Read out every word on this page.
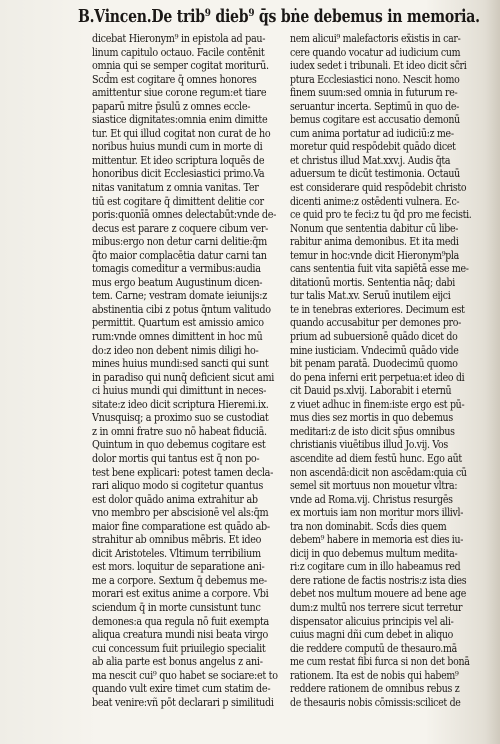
B.Vincen.De trib⁹ dieb⁹ q̄s bṅe debemus in memoria.
dicebat Hieronym⁹ in epistola ad pau-
linum capitulo octauo. Facile contēnit
omnia qui se semper cogitat moriturū.
Scd̄m est cogitare q̄ omnes honores
amittentur siue corone regum:et tiare
paparū mitre p̄sulū z omnes eccle-
siastice dignitates:omnia enim dimitte
tur. Et qui illud cogitat non curat de ho
noribus huius mundi cum in morte di
mittentur. Et ideo scriptura loquēs de
honoribus dicit Ecclesiastici primo.Va
nitas vanitatum z omnia vanitas. Ter
tiū est cogitare q̄ dimittent delitie cor
poris:quonīā omnes delectabūt:vnde de-
decus est parare z coquere cibum ver-
mibus:ergo non detur carni delitie:q̄m
q̄to maior complacētia datur carni tan
tomagis comeditur a vermibus:audia
mus ergo beatum Augustinum dicen-
tem. Carne; vestram domate ieiunijs:z
abstinentia cibi z potus q̄ntum valitudo
permittit. Quartum est amissio amico
rum:vnde omnes dimittent in hoc mū
do:z ideo non debent nimis diligi ho-
mines huius mundi:sed sancti qui sunt
in paradiso qui nunq̄ deficient sicut ami
ci huius mundi qui dimittunt in neces-
sitate:z ideo dicit scriptura Hieremi.ix.
Vnusquisq; a proximo suo se custodiat
z in omni fratre suo nō habeat fiduciā.
Quintum in quo debemus cogitare est
dolor mortis qui tantus est q̄ non po-
test bene explicari: potest tamen decla-
rari aliquo modo si cogitetur quantus
est dolor quādo anima extrahitur ab
vno membro per abscisionē vel als:q̄m
maior fine comparatione est quādo ab-
strahitur ab omnibus mēbris. Et ideo
dicit Aristoteles. Vltimum terribilium
est mors. loquitur de separatione ani-
me a corpore. Sextum q̄ debemus me-
morari est exitus anime a corpore. Vbi
sciendum q̄ in morte cunsistunt tunc
demones:a qua regula nō fuit exempta
aliqua creatura mundi nisi beata virgo
cui concessum fuit priuilegio specialit
ab alia parte est bonus angelus z ani-
ma nescit cui⁹ quo habet se sociare:et to
quando vult exire timet cum statim de-
beat venire:vñ pōt declarari p similitudi
nem alicui⁹ malefactoris ex̄istis in car-
cere quando vocatur ad iudicium cum
iudex sedet i tribunali. Et ideo dicit sc̄ri
ptura Ecclesiastici nono. Nescit homo
finem suum:sed omnia in futurum re-
seruantur incerta. Septimū in quo de-
bemus cogitare est accusatio demonū
cum anima portatur ad iudiciū:z me-
moretur quid respōdebit quādo dicet
et christus illud Mat.xxv.j. Audis q̄ta
aduersum te dicūt testimonia. Octauū
est considerare quid respōdebit christo
dicenti anime:z ostēdenti vulnera. Ec-
ce quid pro te feci:z tu q̄d pro me fecisti.
Nonum que sententia dabitur cū libe-
rabitur anima demonibus. Et ita medi
temur in hoc:vnde dicit Hieronym⁹pla
cans sententia fuit vita sapiētā esse me-
ditationū mortis. Sententia nāq; dabi
tur talis Mat.xv. Seruū inutilem eijci
te in tenebras exteriores. Decimum est
quando accusabitur per demones pro-
prium ad subuersionē quādo dicet do
mine iusticiam. Vndecimū quādo vide
bit penam paratā. Duodecimū quomo
do pena inferni erit perpetua:et ideo di
cit Dauid ps.xlvij. Laborabit i eternū
z viuet adhuc in finem:iste ergo est pū-
mus dies sez mortis in quo debemus
meditari:z de isto dicit sp̄us omnibus
christianis viuētibus illud Jo.vij. Vos
ascendite ad diem festū hunc. Ego aūt
non ascendā:dicit non ascēdam:quia cū
semel sit mortuus non mouetur vltra:
vnde ad Roma.vij. Christus resurgēs
ex mortuis iam non moritur mors illivl-
tra non dominabit. Scd̄s dies quem
debem⁹ habere in memoria est dies iu-
dicij in quo debemus multum medita-
ri:z cogitare cum in illo habeamus red
dere ratione de factis nostris:z ista dies
debet nos multum mouere ad bene age
dum:z multū nos terrere sicut terretur
dispensator alicuius principis vel ali-
cuius magni dñi cum debet in aliquo
die reddere computū de thesauro.mā
me cum restat fibi furca si non det bonā
rationem. Ita est de nobis qui habem⁹
reddere rationem de omnibus rebus z
de thesauris nobis cōmissis:scilicet de
